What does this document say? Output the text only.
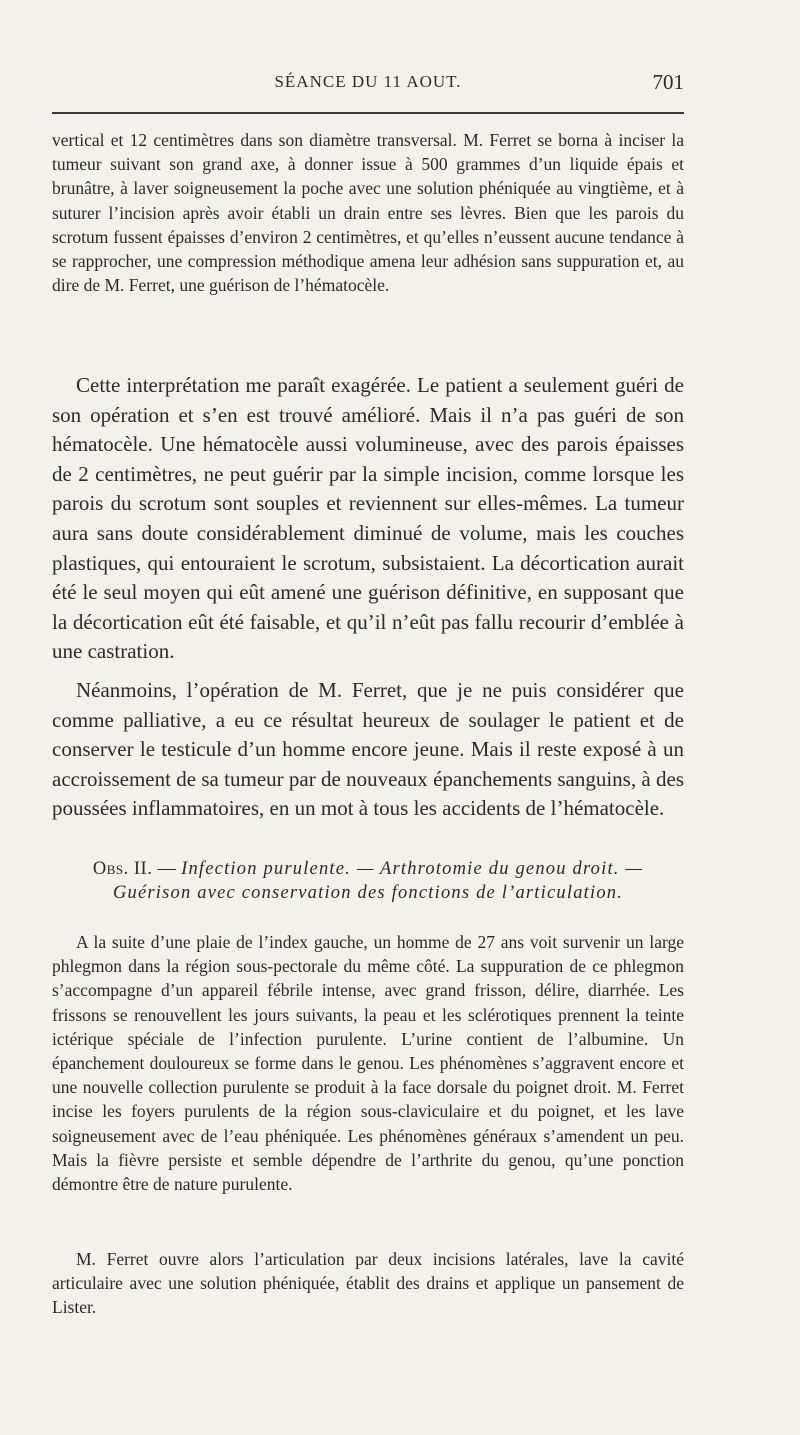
SÉANCE DU 11 AOUT.	701

vertical et 12 centimètres dans son diamètre transversal. M. Ferret se borna à inciser la tumeur suivant son grand axe, à donner issue à 500 grammes d’un liquide épais et brunâtre, à laver soigneusement la poche avec une solution phéniquée au vingtième, et à suturer l’incision après avoir établi un drain entre ses lèvres. Bien que les parois du scrotum fussent épaisses d’environ 2 centimètres, et qu’elles n’eussent aucune tendance à se rapprocher, une compression méthodique amena leur adhésion sans suppuration et, au dire de M. Ferret, une guérison de l’hématocèle.

Cette interprétation me paraît exagérée. Le patient a seulement guéri de son opération et s’en est trouvé amélioré. Mais il n’a pas guéri de son hématocèle. Une hématocèle aussi volumineuse, avec des parois épaisses de 2 centimètres, ne peut guérir par la simple incision, comme lorsque les parois du scrotum sont souples et reviennent sur elles-mêmes. La tumeur aura sans doute considérablement diminué de volume, mais les couches plastiques, qui entouraient le scrotum, subsistaient. La décortication aurait été le seul moyen qui eût amené une guérison définitive, en supposant que la décortication eût été faisable, et qu’il n’eût pas fallu recourir d’emblée à une castration.

Néanmoins, l’opération de M. Ferret, que je ne puis considérer que comme palliative, a eu ce résultat heureux de soulager le patient et de conserver le testicule d’un homme encore jeune. Mais il reste exposé à un accroissement de sa tumeur par de nouveaux épanchements sanguins, à des poussées inflammatoires, en un mot à tous les accidents de l’hématocèle.

Obs. II. — Infection purulente. — Arthrotomie du genou droit. —
Guérison avec conservation des fonctions de l’articulation.

A la suite d’une plaie de l’index gauche, un homme de 27 ans voit survenir un large phlegmon dans la région sous-pectorale du même côté. La suppuration de ce phlegmon s’accompagne d’un appareil fébrile intense, avec grand frisson, délire, diarrhée. Les frissons se renouvellent les jours suivants, la peau et les sclérotiques prennent la teinte ictérique spéciale de l’infection purulente. L’urine contient de l’albumine. Un épanchement douloureux se forme dans le genou. Les phénomènes s’aggravent encore et une nouvelle collection purulente se produit à la face dorsale du poignet droit. M. Ferret incise les foyers purulents de la région sous-claviculaire et du poignet, et les lave soigneusement avec de l’eau phéniquée. Les phénomènes généraux s’amendent un peu. Mais la fièvre persiste et semble dépendre de l’arthrite du genou, qu’une ponction démontre être de nature purulente.

M. Ferret ouvre alors l’articulation par deux incisions latérales, lave la cavité articulaire avec une solution phéniquée, établit des drains et applique un pansement de Lister.
